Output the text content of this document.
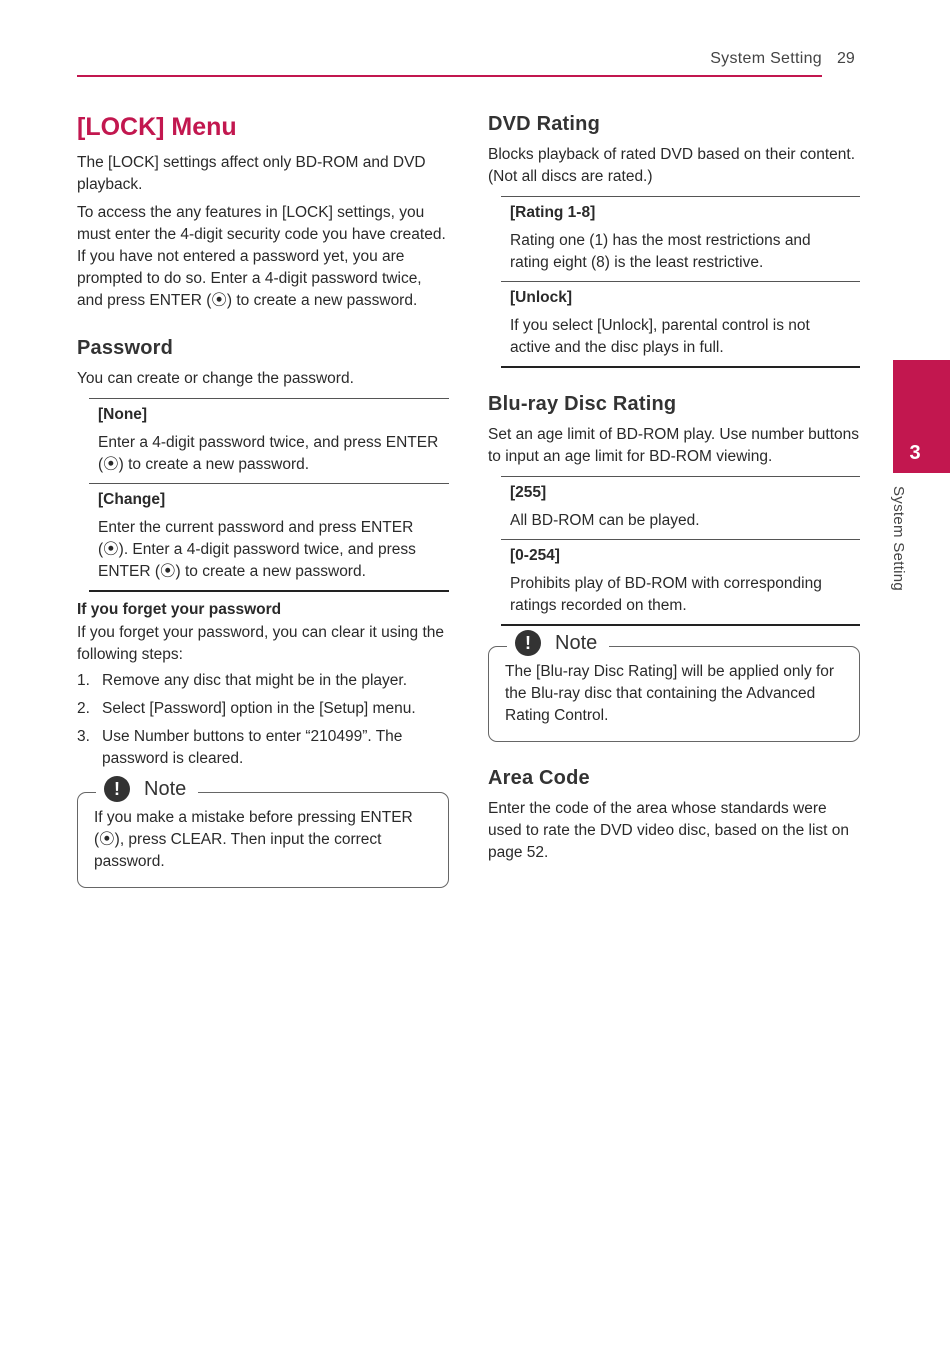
System Setting 29
[LOCK] Menu

The [LOCK] settings affect only BD-ROM and DVD playback.

To access the any features in [LOCK] settings, you must enter the 4-digit security code you have created.

If you have not entered a password yet, you are prompted to do so. Enter a 4-digit password twice, and press ENTER (⦿) to create a new password.

Password

You can create or change the password.

[None]
Enter a 4-digit password twice, and press ENTER (⦿) to create a new password.
[Change]
Enter the current password and press ENTER (⦿). Enter a 4-digit password twice, and press ENTER (⦿) to create a new password.
If you forget your password

If you forget your password, you can clear it using the following steps:

1. Remove any disc that might be in the player.
2. Select [Password] option in the [Setup] menu.
3. Use Number buttons to enter “210499”. The password is cleared.
!	Note

If you make a mistake before pressing ENTER (⦿), press CLEAR. Then input the correct password.

DVD Rating

Blocks playback of rated DVD based on their content. (Not all discs are rated.)

[Rating 1-8]
Rating one (1) has the most restrictions and rating eight (8) is the least restrictive.
[Unlock]
If you select [Unlock], parental control is not active and the disc plays in full.
Blu-ray Disc Rating

Set an age limit of BD-ROM play. Use number buttons to input an age limit for BD-ROM viewing.

[255]
All BD-ROM can be played.
[0-254]
Prohibits play of BD-ROM with corresponding ratings recorded on them.
!	Note

The [Blu-ray Disc Rating] will be applied only for the Blu-ray disc that containing the Advanced Rating Control.

Area Code

Enter the code of the area whose standards were used to rate the DVD video disc, based on the list on page 52.

3
System Setting
